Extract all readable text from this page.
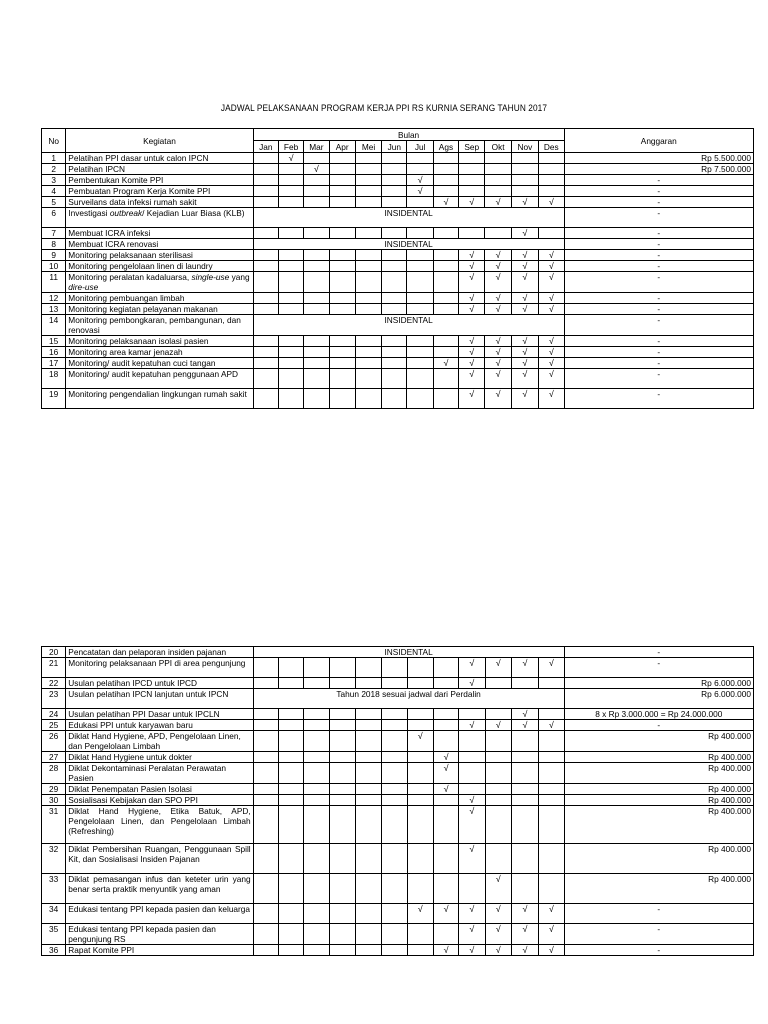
JADWAL PELAKSANAAN PROGRAM KERJA PPI RS KURNIA SERANG TAHUN 2017
No	Kegiatan	Bulan												Anggaran
		Jan	Feb	Mar	Apr	Mei	Jun	Jul	Ags	Sep	Okt	Nov	Des	
1	Pelatihan PPI dasar untuk calon IPCN		√											Rp 5.500.000
2	Pelatihan IPCN			√										Rp 7.500.000
3	Pembentukan Komite PPI							√						-
4	Pembuatan Program Kerja Komite PPI							√						-
5	Surveilans data infeksi rumah sakit								√	√	√	√	√	-
6	Investigasi outbreak/ Kejadian Luar Biasa (KLB)	INSIDENTAL												-
7	Membuat ICRA infeksi											√		-
8	Membuat ICRA renovasi	INSIDENTAL												-
9	Monitoring pelaksanaan sterilisasi									√	√	√	√	-
10	Monitoring pengelolaan linen di laundry									√	√	√	√	-
11	Monitoring peralatan kadaluarsa, single-use yang dire-use									√	√	√	√	-
12	Monitoring pembuangan limbah									√	√	√	√	-
13	Monitoring kegiatan pelayanan makanan									√	√	√	√	-
14	Monitoring pembongkaran, pembangunan, dan renovasi	INSIDENTAL												-
15	Monitoring pelaksanaan isolasi pasien									√	√	√	√	-
16	Monitoring area kamar jenazah									√	√	√	√	-
17	Monitoring/ audit kepatuhan cuci tangan								√	√	√	√	√	-
18	Monitoring/ audit kepatuhan penggunaan APD									√	√	√	√	-
19	Monitoring pengendalian lingkungan rumah sakit									√	√	√	√	-
20	Pencatatan dan pelaporan insiden pajanan	INSIDENTAL												-
21	Monitoring pelaksanaan PPI di area pengunjung									√	√	√	√	-
22	Usulan pelatihan IPCD untuk IPCD									√				Rp 6.000.000
23	Usulan pelatihan IPCN lanjutan untuk IPCN	Tahun 2018 sesuai jadwal dari Perdalin												Rp 6.000.000
24	Usulan pelatihan PPI Dasar untuk IPCLN											√		8 x Rp 3.000.000 = Rp 24.000.000
25	Edukasi PPI untuk karyawan baru									√	√	√	√	-
26	Diklat Hand Hygiene, APD, Pengelolaan Linen, dan Pengelolaan Limbah							√						Rp 400.000
27	Diklat Hand Hygiene untuk dokter								√					Rp 400.000
28	Diklat Dekontaminasi Peralatan Perawatan Pasien								√					Rp 400.000
29	Diklat Penempatan Pasien Isolasi								√					Rp 400.000
30	Sosialisasi Kebijakan dan SPO PPI									√				Rp 400.000
31	Diklat Hand Hygiene, Etika Batuk, APD, Pengelolaan Linen, dan Pengelolaan Limbah (Refreshing)									√				Rp 400.000
32	Diklat Pembersihan Ruangan, Penggunaan Spill Kit, dan Sosialisasi Insiden Pajanan									√				Rp 400.000
33	Diklat pemasangan infus dan keteter urin yang benar serta praktik menyuntik yang aman										√			Rp 400.000
34	Edukasi tentang PPI kepada pasien dan keluarga							√	√	√	√	√	√	-
35	Edukasi tentang PPI kepada pasien dan pengunjung RS									√	√	√	√	-
36	Rapat Komite PPI								√	√	√	√	√	-
